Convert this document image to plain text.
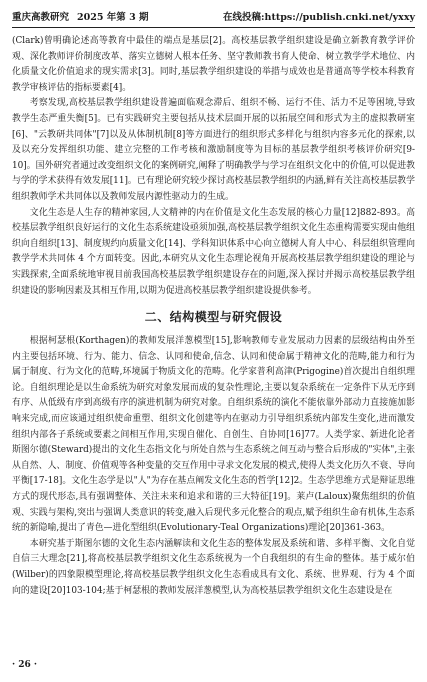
重庆高教研究 2025 年第 3 期	在线投稿:https://publish.cnki.net/yxxy

(Clark)曾明确论述高等教育中最佳的端点是基层[2]。高校基层教学组织建设是确立新教育教学评价观、深化教师评价制度改革、落实立德树人根本任务、坚守教师教书育人使命、树立教学学术地位、内化质量文化价值追求的现实需求[3]。同时,基层教学组织建设的举措与成效也是普通高等学校本科教育教学审核评估的指标要素[4]。

考察发现,高校基层教学组织建设普遍面临观念滞后、组织不畅、运行不佳、活力不足等困境,导致教学生态严重失衡[5]。已有实践研究主要包括从技术层面开展的以拓展空间和形式为主的虚拟教研室[6]、"云教研共同体"[7]以及从体制机制[8]等方面进行的组织形式多样化与组织内容多元化的探索,以及以充分发挥组织功能、建立完整的工作考核和激励制度等为目标的基层教学组织考核评价研究[9-10]。国外研究者通过改变组织文化的案例研究,阐释了明确教学与学习在组织文化中的价值,可以促进教与学的学术获得有效发展[11]。已有理论研究较少探讨高校基层教学组织的内涵,鲜有关注高校基层教学组织教师学术共同体以及教师发展内源性驱动力的生成。

文化生态是人生存的精神家园,人文精神的内在价值是文化生态发展的核心力量[12]882-893。高校基层教学组织良好运行的文化生态系统建设亟须加强,高校基层教学组织文化生态重构需要实现由他组织向自组织[13]、制度规约向质量文化[14]、学科知识体系中心向立德树人育人中心、科层组织管理向教学学术共同体 4 个方面转变。因此,本研究从文化生态理论视角开展高校基层教学组织建设的理论与实践探索,全面系统地审视目前我国高校基层教学组织建设存在的问题,深入探讨并揭示高校基层教学组织建设的影响因素及其相互作用,以期为促进高校基层教学组织建设提供参考。

二、结构模型与研究假设

根据柯瑟根(Korthagen)的教师发展洋葱模型[15],影响教师专业发展动力因素的层级结构由外至内主要包括环境、行为、能力、信念、认同和使命,信念、认同和使命属于精神文化的范畴,能力和行为属于制度、行为文化的范畴,环境属于物质文化的范畴。化学家普利高津(Prigogine)首次提出自组织理论。自组织理论是以生命系统为研究对象发展而成的复杂性理论,主要以复杂系统在一定条件下从无序到有序、从低级有序到高级有序的演进机制为研究对象。自组织系统的演化不能依靠外部动力直接施加影响来完成,而应该通过组织使命重塑、组织文化创建等内在驱动力引导组织系统内部发生变化,进而激发组织内部各子系统或要素之间相互作用,实现自催化、自创生、自协同[16]77。人类学家、新进化论者斯图尔德(Steward)提出的文化生态指文化与所处自然与生态系统之间互动与整合后形成的"实体",主张从自然、人、制度、价值观等各种变量的交互作用中寻求文化发展的模式,使得人类文化历久不衰、导向平衡[17-18]。文化生态学是以"人"为存在基点阐发文化生态的哲学[12]2。生态学思维方式是辩证思维方式的现代形态,具有强调整体、关注未来和追求和谐的三大特征[19]。莱卢(Laloux)聚焦组织的价值观、实践与架构,突出与强调人类意识的转变,融入后现代多元化整合的观点,赋予组织生命有机体,生态系统的新隐喻,提出了青色—进化型组织(Evolutionary-Teal Organizations)理论[20]361-363。

本研究基于斯图尔德的文化生态内涵解读和文化生态的整体发展及系统和谐、多样平衡、文化自觉自信三大理念[21],将高校基层教学组织文化生态系统视为一个自我组织的有生命的整体。基于威尔伯(Wilber)的四象限模型理论,将高校基层教学组织文化生态看成具有文化、系统、世界观、行为 4 个面向的建设[20]103-104;基于柯瑟根的教师发展洋葱模型,认为高校基层教学组织文化生态建设是在

· 26 ·
